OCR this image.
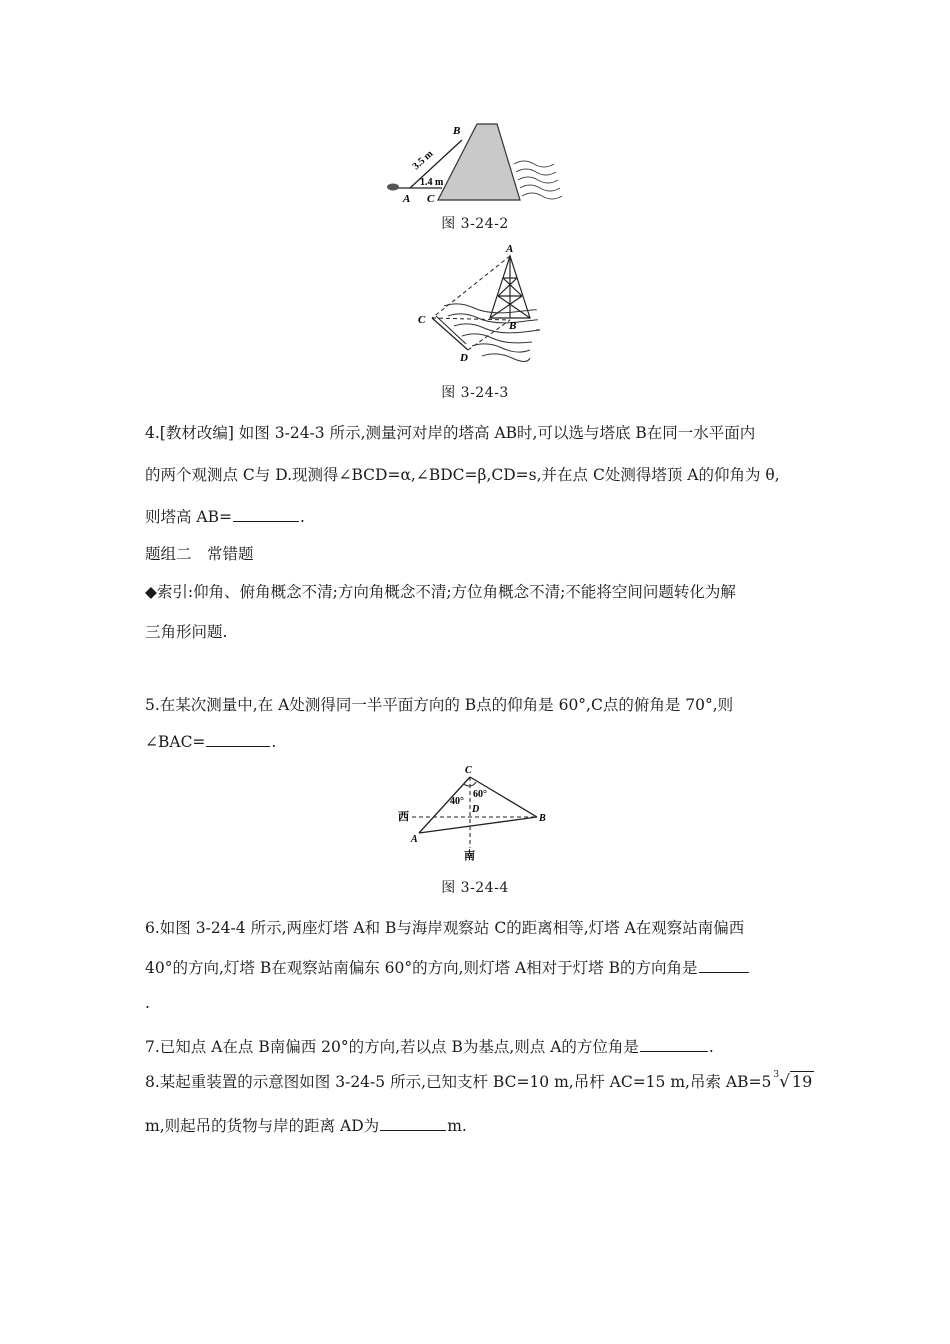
B
A C
3.5 m
1.4 m
图 3-24-2
A
B
C
D
图 3-24-3
4.[教材改编] 如图 3-24-3 所示,测量河对岸的塔高 AB时,可以选与塔底 B在同一水平面内
的两个观测点 C与 D.现测得∠BCD=α,∠BDC=β,CD=s,并在点 C处测得塔顶 A的仰角为 θ,
则塔高 AB=	.
题组二　常错题
◆索引:仰角、俯角概念不清;方向角概念不清;方位角概念不清;不能将空间问题转化为解
三角形问题.
5.在某次测量中,在 A处测得同一半平面方向的 B点的仰角是 60°,C点的俯角是 70°,则
∠BAC=	.
C
60°
40°
D
西	B
A
南
图 3-24-4
6.如图 3-24-4 所示,两座灯塔 A和 B与海岸观察站 C的距离相等,灯塔 A在观察站南偏西
40°的方向,灯塔 B在观察站南偏东 60°的方向,则灯塔 A相对于灯塔 B的方向角是
.
7.已知点 A在点 B南偏西 20°的方向,若以点 B为基点,则点 A的方位角是	.
8.某起重装置的示意图如图 3-24-5 所示,已知支杆 BC=10 m,吊杆 AC=15 m,吊索 AB=5 $^3$√ 19
m,则起吊的货物与岸的距离 AD为	m.
